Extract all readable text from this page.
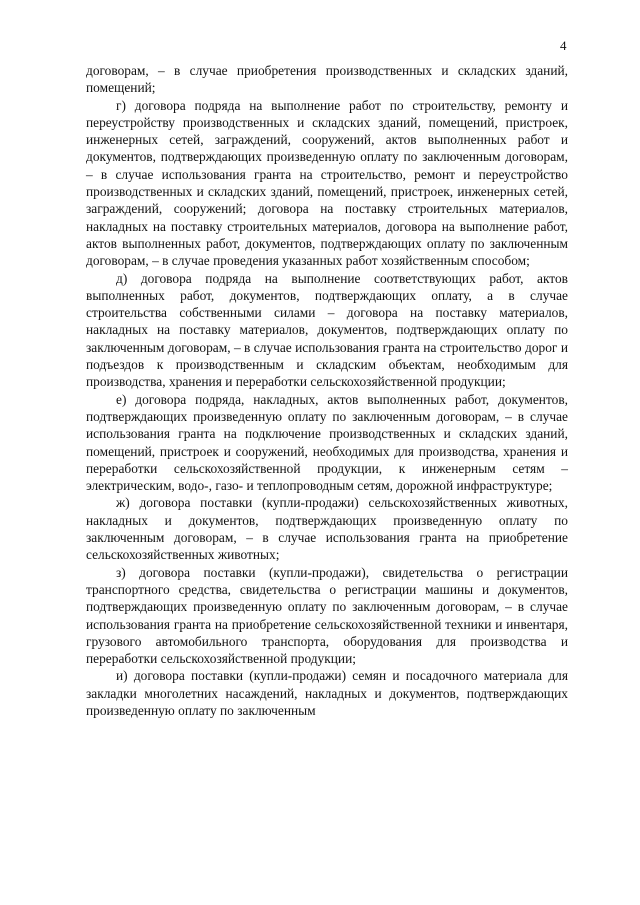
4

договорам, – в случае приобретения производственных и складских зданий, помещений;

г) договора подряда на выполнение работ по строительству, ремонту и переустройству производственных и складских зданий, помещений, пристроек, инженерных сетей, заграждений, сооружений, актов выполненных работ и документов, подтверждающих произведенную оплату по заключенным договорам, – в случае использования гранта на строительство, ремонт и переустройство производственных и складских зданий, помещений, пристроек, инженерных сетей, заграждений, сооружений; договора на поставку строительных материалов, накладных на поставку строительных материалов, договора на выполнение работ, актов выполненных работ, документов, подтверждающих оплату по заключенным договорам, – в случае проведения указанных работ хозяйственным способом;

д) договора подряда на выполнение соответствующих работ, актов выполненных работ, документов, подтверждающих оплату, а в случае строительства собственными силами – договора на поставку материалов, накладных на поставку материалов, документов, подтверждающих оплату по заключенным договорам, – в случае использования гранта на строительство дорог и подъездов к производственным и складским объектам, необходимым для производства, хранения и переработки сельскохозяйственной продукции;

е) договора подряда, накладных, актов выполненных работ, документов, подтверждающих произведенную оплату по заключенным договорам, – в случае использования гранта на подключение производственных и складских зданий, помещений, пристроек и сооружений, необходимых для производства, хранения и переработки сельскохозяйственной продукции, к инженерным сетям – электрическим, водо-, газо- и теплопроводным сетям, дорожной инфраструктуре;

ж) договора поставки (купли-продажи) сельскохозяйственных животных, накладных и документов, подтверждающих произведенную оплату по заключенным договорам, – в случае использования гранта на приобретение сельскохозяйственных животных;

з) договора поставки (купли-продажи), свидетельства о регистрации транспортного средства, свидетельства о регистрации машины и документов, подтверждающих произведенную оплату по заключенным договорам, – в случае использования гранта на приобретение сельскохозяйственной техники и инвентаря, грузового автомобильного транспорта, оборудования для производства и переработки сельскохозяйственной продукции;

и) договора поставки (купли-продажи) семян и посадочного материала для закладки многолетних насаждений, накладных и документов, подтверждающих произведенную оплату по заключенным
